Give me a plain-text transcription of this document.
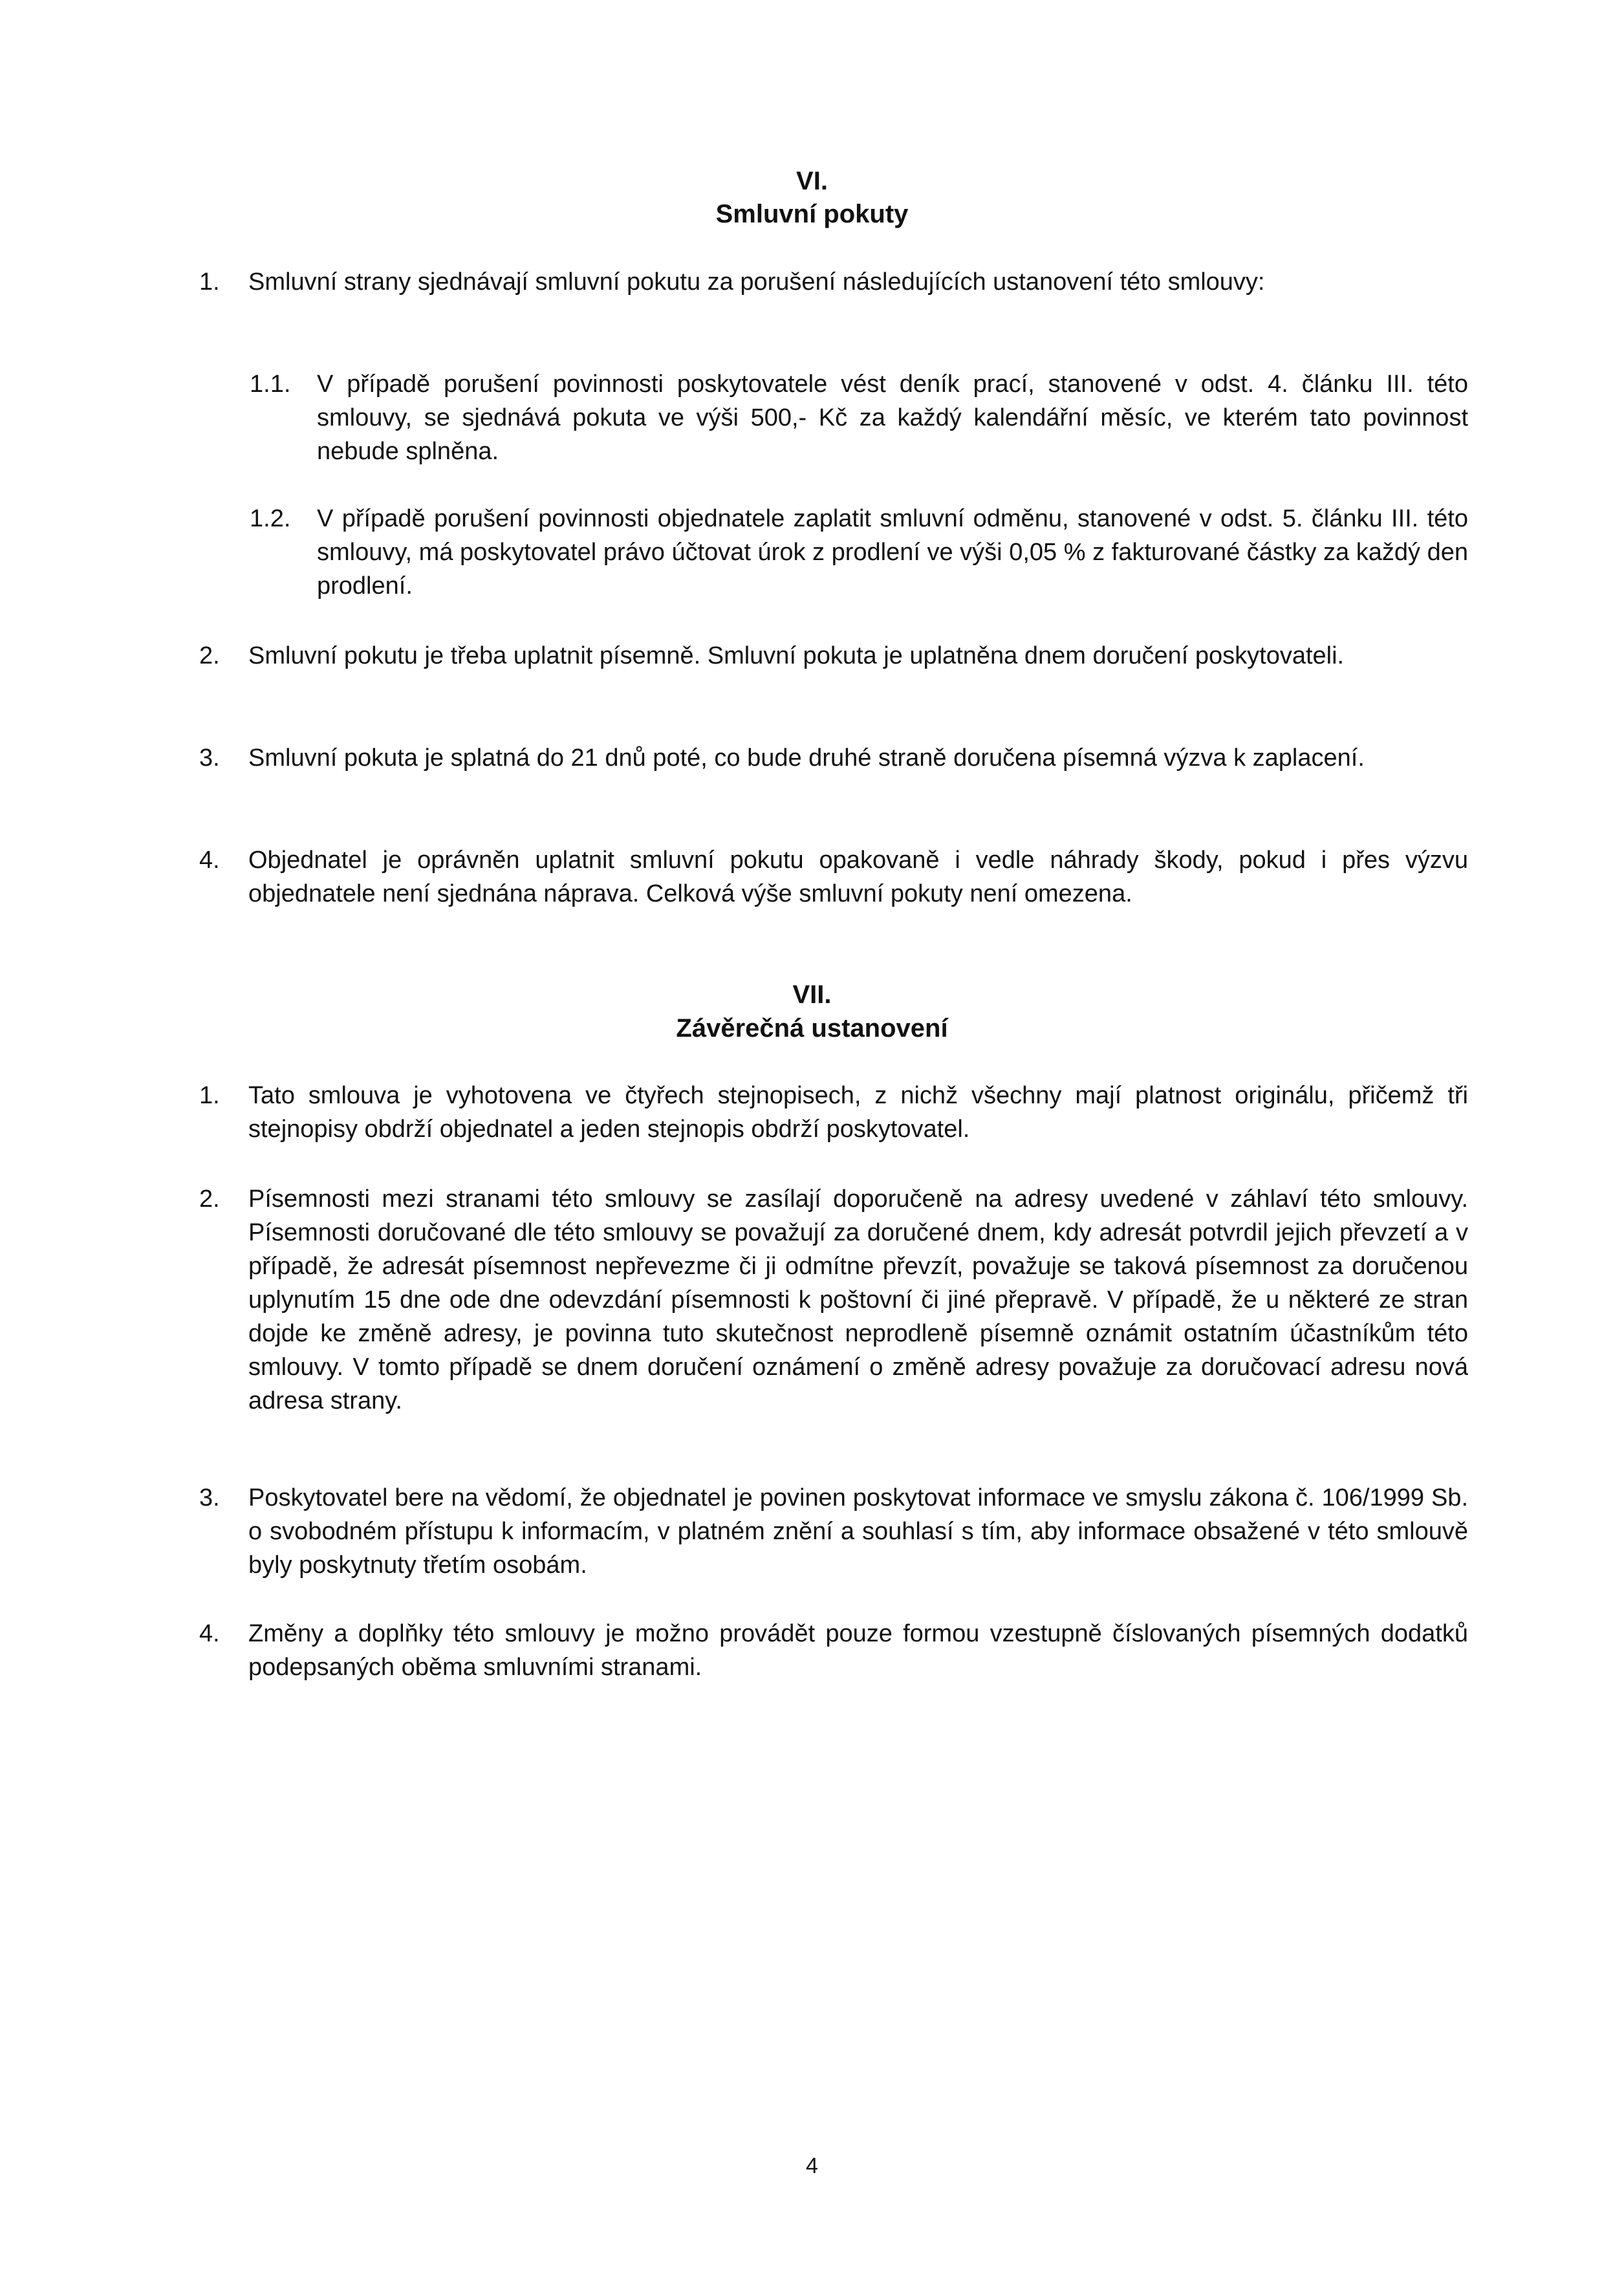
VI.
Smluvní pokuty
1. Smluvní strany sjednávají smluvní pokutu za porušení následujících ustanovení této smlouvy:
1.1. V případě porušení povinnosti poskytovatele vést deník prací, stanovené v odst. 4. článku III. této smlouvy, se sjednává pokuta ve výši 500,- Kč za každý kalendářní měsíc, ve kterém tato povinnost nebude splněna.
1.2. V případě porušení povinnosti objednatele zaplatit smluvní odměnu, stanovené v odst. 5. článku III. této smlouvy, má poskytovatel právo účtovat úrok z prodlení ve výši 0,05 % z fakturované částky za každý den prodlení.
2. Smluvní pokutu je třeba uplatnit písemně. Smluvní pokuta je uplatněna dnem doručení poskytovateli.
3. Smluvní pokuta je splatná do 21 dnů poté, co bude druhé straně doručena písemná výzva k zaplacení.
4. Objednatel je oprávněn uplatnit smluvní pokutu opakovaně i vedle náhrady škody, pokud i přes výzvu objednatele není sjednána náprava. Celková výše smluvní pokuty není omezena.
VII.
Závěrečná ustanovení
1. Tato smlouva je vyhotovena ve čtyřech stejnopisech, z nichž všechny mají platnost originálu, přičemž tři stejnopisy obdrží objednatel a jeden stejnopis obdrží poskytovatel.
2. Písemnosti mezi stranami této smlouvy se zasílají doporučeně na adresy uvedené v záhlaví této smlouvy. Písemnosti doručované dle této smlouvy se považují za doručené dnem, kdy adresát potvrdil jejich převzetí a v případě, že adresát písemnost nepřevezme či ji odmítne převzít, považuje se taková písemnost za doručenou uplynutím 15 dne ode dne odevzdání písemnosti k poštovní či jiné přepravě. V případě, že u některé ze stran dojde ke změně adresy, je povinna tuto skutečnost neprodleně písemně oznámit ostatním účastníkům této smlouvy. V tomto případě se dnem doručení oznámení o změně adresy považuje za doručovací adresu nová adresa strany.
3. Poskytovatel bere na vědomí, že objednatel je povinen poskytovat informace ve smyslu zákona č. 106/1999 Sb. o svobodném přístupu k informacím, v platném znění a souhlasí s tím, aby informace obsažené v této smlouvě byly poskytnuty třetím osobám.
4. Změny a doplňky této smlouvy je možno provádět pouze formou vzestupně číslovaných písemných dodatků podepsaných oběma smluvními stranami.
4
